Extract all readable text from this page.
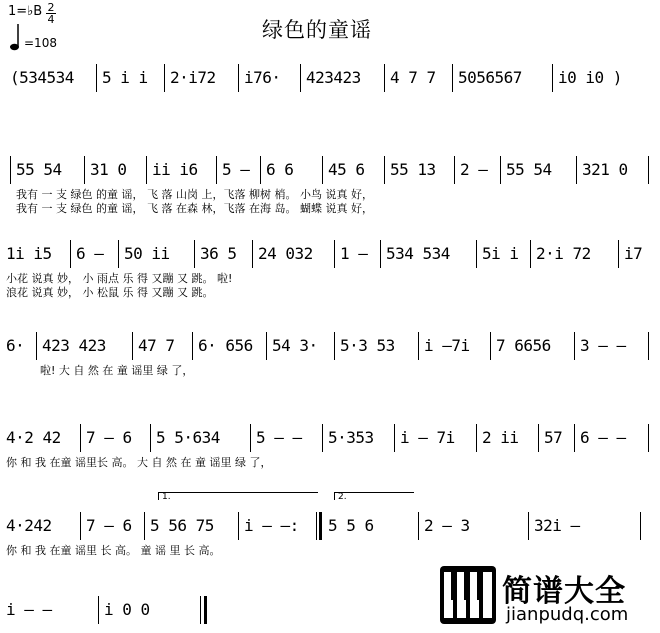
1=♭B 2
4
=108
绿色的童谣
(534534 5 i i 2·i72 i76· 423423 4 7 7 5056567 i0 i0 )
55 54 31 0 ii i6 5 – 6 6 45 6 55 13 2 – 55 54 321 0
我有 一 支 绿色 的童 谣， 飞 落 山岗 上，飞落 柳树 梢。 小鸟 说真 好，
我有 一 支 绿色 的童 谣， 飞 落 在森 林，飞落 在海 岛。 蝴蝶 说真 好，
1i i5 6 – 50 ii 36 5 24 032 1 – 534 534 5i i 2·i 72 i7
小花 说真 妙， 小 雨点 乐 得 又蹦 又 跳。 啦!
浪花 说真 妙， 小 松鼠 乐 得 又蹦 又 跳。
6· 423 423 47 7 6· 656 54 3· 5·3 53 i –7i 7 6656 3 – –
啦! 大 自 然 在 童 谣里 绿 了，
4·2 42 7 – 6 5 5·634 5 – – 5·353 i – 7i 2 ii 57 6 – –
你 和 我 在童 谣里长 高。 大 自 然 在 童 谣里 绿 了，
1.	2.
4·242 7 – 6 5 56 75 i – –: 5 5 6	2 – 3	32i –
你 和 我 在童 谣里 长 高。 童 谣 里 长 高。
i – –	i 0 0
简谱大全
jianpudq.com
